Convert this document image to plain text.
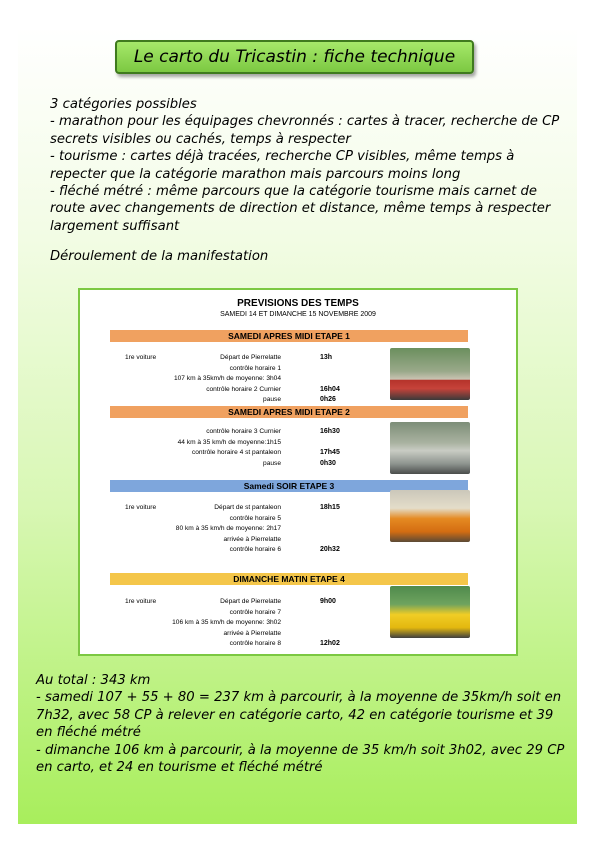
Le carto du Tricastin : fiche technique

3 catégories possibles

- marathon pour les équipages chevronnés : cartes à tracer, recherche de CP secrets visibles ou cachés, temps à respecter

- tourisme : cartes déjà tracées, recherche CP visibles, même temps à repecter que la catégorie marathon mais parcours moins long

- fléché métré : même parcours que la catégorie tourisme mais carnet de route avec changements de direction et distance, même temps à respecter largement suffisant

Déroulement de la manifestation
PREVISIONS DES TEMPS
SAMEDI 14 ET DIMANCHE 15 NOVEMBRE 2009
SAMEDI APRES MIDI ETAPE 1
1re voiture	Départ de Pierrelatte	13h
contrôle horaire 1
107 km à 35km/h de moyenne: 3h04
contrôle horaire 2 Curnier	16h04
pause	0h26
SAMEDI APRES MIDI ETAPE 2
contrôle horaire 3 Curnier	16h30
44 km à 35 km/h de moyenne:1h15
contrôle horaire 4 st pantaleon	17h45
pause	0h30
Samedi SOIR ETAPE 3
1re voiture	Départ de st pantaleon	18h15
contrôle horaire 5
80 km à 35 km/h de moyenne: 2h17
arrivée à Pierrelatte
contrôle horaire 6	20h32
DIMANCHE MATIN ETAPE 4
1re voiture	Départ de Pierrelatte	9h00
contrôle horaire 7
106 km à 35 km/h de moyenne: 3h02
arrivée à Pierrelatte
contrôle horaire 8	12h02

Au total : 343 km

- samedi 107 + 55 + 80 = 237 km à parcourir, à la moyenne de 35km/h soit en 7h32, avec 58 CP à relever en catégorie carto, 42 en catégorie tourisme et 39 en fléché métré

- dimanche 106 km à parcourir, à la moyenne de 35 km/h soit 3h02, avec 29 CP en carto, et 24 en tourisme et fléché métré
